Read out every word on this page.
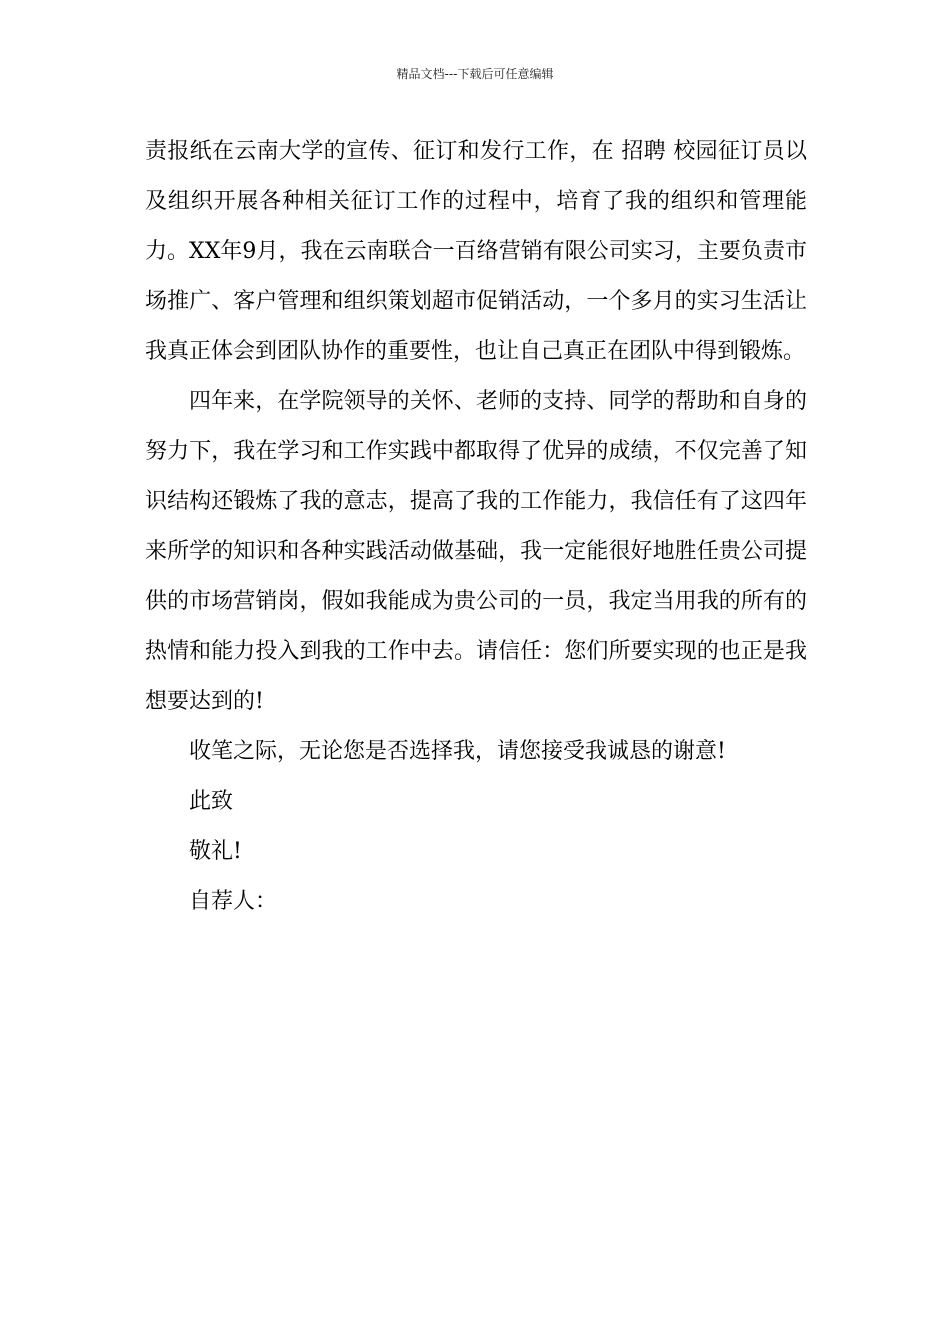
精品文档---下载后可任意编辑

责报纸在云南大学的宣传、征订和发行工作，在 招聘 校园征订员以及组织开展各种相关征订工作的过程中，培育了我的组织和管理能力。XX年9月，我在云南联合一百络营销有限公司实习，主要负责市场推广、客户管理和组织策划超市促销活动，一个多月的实习生活让我真正体会到团队协作的重要性，也让自己真正在团队中得到锻炼。

四年来，在学院领导的关怀、老师的支持、同学的帮助和自身的努力下，我在学习和工作实践中都取得了优异的成绩，不仅完善了知识结构还锻炼了我的意志，提高了我的工作能力，我信任有了这四年来所学的知识和各种实践活动做基础，我一定能很好地胜任贵公司提供的市场营销岗，假如我能成为贵公司的一员，我定当用我的所有的热情和能力投入到我的工作中去。请信任：您们所要实现的也正是我想要达到的!

收笔之际，无论您是否选择我，请您接受我诚恳的谢意!

此致

敬礼!

自荐人：
